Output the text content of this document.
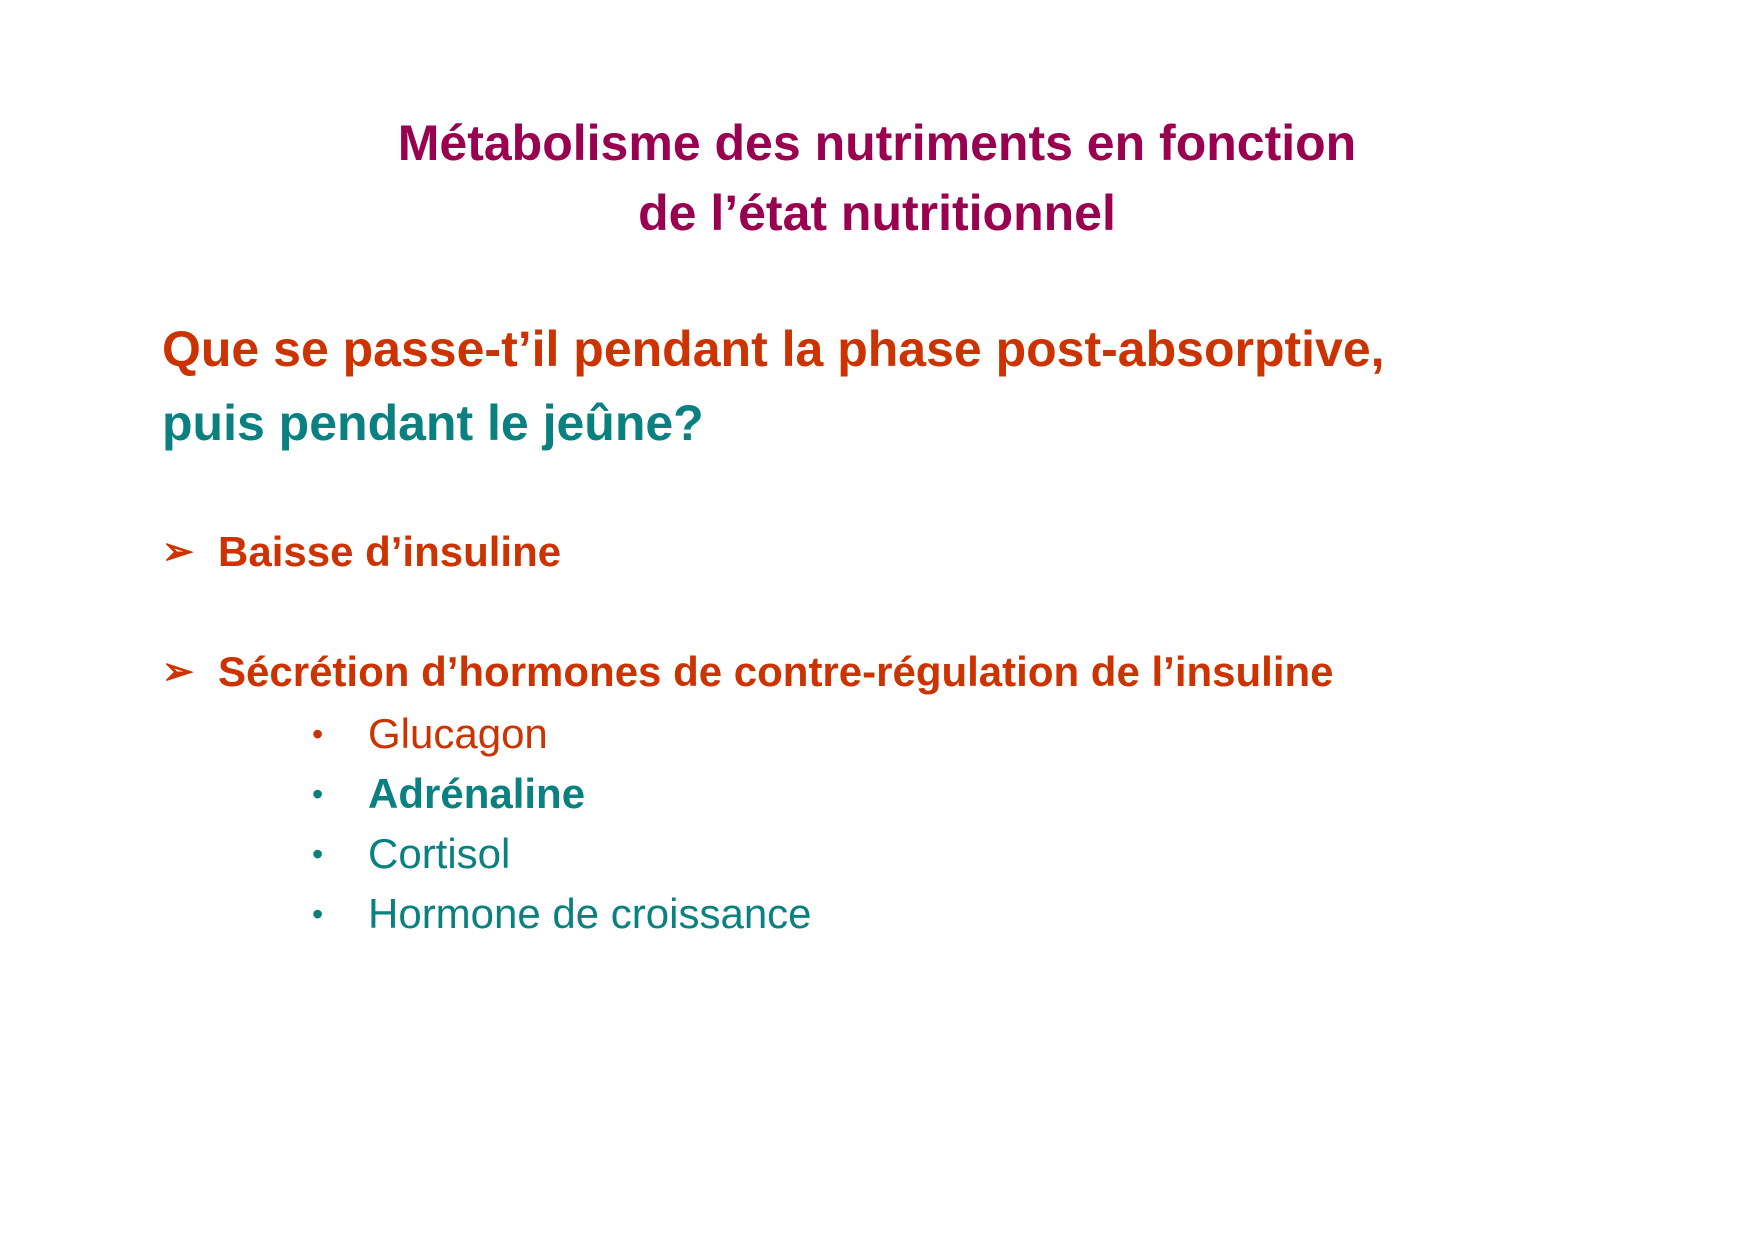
Métabolisme des nutriments en fonction
de l’état nutritionnel
Que se passe-t’il pendant la phase post-absorptive,
puis pendant le jeûne?
➢ Baisse d’insuline
➢ Sécrétion d’hormones de contre-régulation de l’insuline
• Glucagon
• Adrénaline
• Cortisol
• Hormone de croissance
